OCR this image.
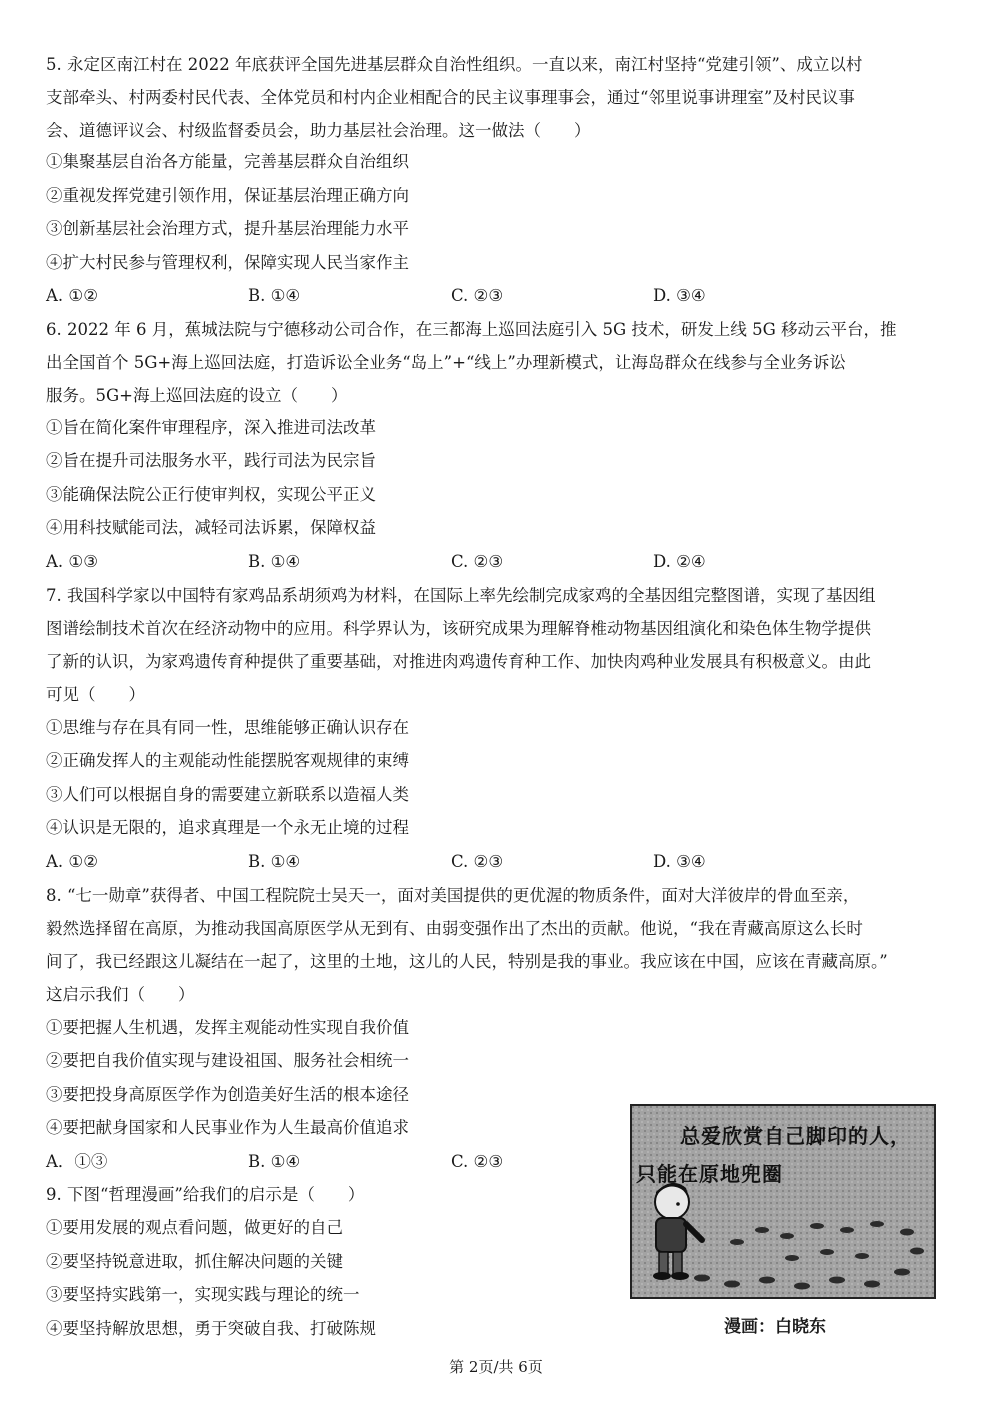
5. 永定区南江村在 2022 年底获评全国先进基层群众自治性组织。一直以来，南江村坚持“党建引领”、成立以村
支部牵头、村两委村民代表、全体党员和村内企业相配合的民主议事理事会，通过“邻里说事讲理室”及村民议事
会、道德评议会、村级监督委员会，助力基层社会治理。这一做法（　　）
①集聚基层自治各方能量，完善基层群众自治组织
②重视发挥党建引领作用，保证基层治理正确方向
③创新基层社会治理方式，提升基层治理能力水平
④扩大村民参与管理权利，保障实现人民当家作主
A. ①②	B. ①④	C. ②③	D. ③④
6. 2022 年 6 月，蕉城法院与宁德移动公司合作，在三都海上巡回法庭引入 5G 技术，研发上线 5G 移动云平台，推
出全国首个 5G+海上巡回法庭，打造诉讼全业务“岛上”+“线上”办理新模式，让海岛群众在线参与全业务诉讼
服务。5G+海上巡回法庭的设立（　　）
①旨在简化案件审理程序，深入推进司法改革
②旨在提升司法服务水平，践行司法为民宗旨
③能确保法院公正行使审判权，实现公平正义
④用科技赋能司法，减轻司法诉累，保障权益
A. ①③	B. ①④	C. ②③	D. ②④
7. 我国科学家以中国特有家鸡品系胡须鸡为材料，在国际上率先绘制完成家鸡的全基因组完整图谱，实现了基因组
图谱绘制技术首次在经济动物中的应用。科学界认为，该研究成果为理解脊椎动物基因组演化和染色体生物学提供
了新的认识，为家鸡遗传育种提供了重要基础，对推进肉鸡遗传育种工作、加快肉鸡种业发展具有积极意义。由此
可见（　　）
①思维与存在具有同一性，思维能够正确认识存在
②正确发挥人的主观能动性能摆脱客观规律的束缚
③人们可以根据自身的需要建立新联系以造福人类
④认识是无限的，追求真理是一个永无止境的过程
A. ①②	B. ①④	C. ②③	D. ③④
8. “七一勋章”获得者、中国工程院院士吴天一，面对美国提供的更优渥的物质条件，面对大洋彼岸的骨血至亲，
毅然选择留在高原，为推动我国高原医学从无到有、由弱变强作出了杰出的贡献。他说，“我在青藏高原这么长时
间了，我已经跟这儿凝结在一起了，这里的土地，这儿的人民，特别是我的事业。我应该在中国，应该在青藏高原。”
这启示我们（　　）
①要把握人生机遇，发挥主观能动性实现自我价值
②要把自我价值实现与建设祖国、服务社会相统一
③要把投身高原医学作为创造美好生活的根本途径
④要把献身国家和人民事业作为人生最高价值追求
A．①③	B. ①④	C. ②③
9. 下图“哲理漫画”给我们的启示是（　　）
①要用发展的观点看问题，做更好的自己
②要坚持锐意进取，抓住解决问题的关键
③要坚持实践第一，实现实践与理论的统一
④要坚持解放思想，勇于突破自我、打破陈规
总爱欣赏自己脚印的人，
只能在原地兜圈
漫画：白晓东
第 2页/共 6页
